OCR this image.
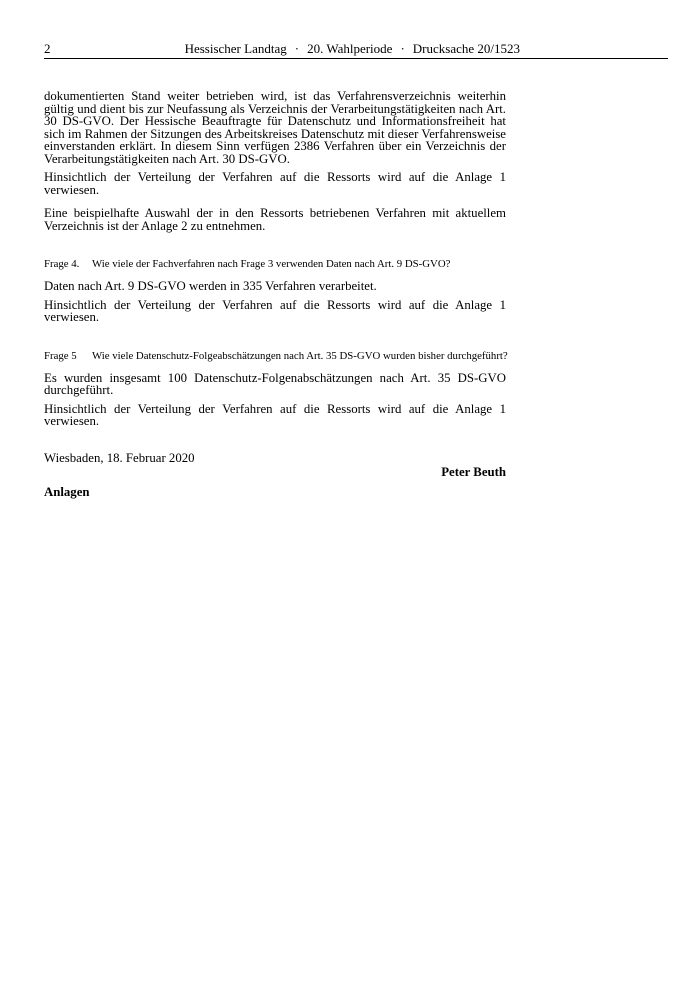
2	Hessischer Landtag · 20. Wahlperiode · Drucksache 20/1523

dokumentierten Stand weiter betrieben wird, ist das Verfahrensverzeichnis weiterhin gültig und dient bis zur Neufassung als Verzeichnis der Verarbeitungstätigkeiten nach Art. 30 DS-GVO. Der Hessische Beauftragte für Datenschutz und Informationsfreiheit hat sich im Rahmen der Sitzungen des Arbeitskreises Datenschutz mit dieser Verfahrensweise einverstanden erklärt. In diesem Sinn verfügen 2386 Verfahren über ein Verzeichnis der Verarbeitungstätigkeiten nach Art. 30 DS-GVO.

Hinsichtlich der Verteilung der Verfahren auf die Ressorts wird auf die Anlage 1 verwiesen.

Eine beispielhafte Auswahl der in den Ressorts betriebenen Verfahren mit aktuellem Verzeichnis ist der Anlage 2 zu entnehmen.

Frage 4. Wie viele der Fachverfahren nach Frage 3 verwenden Daten nach Art. 9 DS-GVO?

Daten nach Art. 9 DS-GVO werden in 335 Verfahren verarbeitet.

Hinsichtlich der Verteilung der Verfahren auf die Ressorts wird auf die Anlage 1 verwiesen.

Frage 5 Wie viele Datenschutz-Folgeabschätzungen nach Art. 35 DS-GVO wurden bisher durchgeführt?

Es wurden insgesamt 100 Datenschutz-Folgenabschätzungen nach Art. 35 DS-GVO durchgeführt.

Hinsichtlich der Verteilung der Verfahren auf die Ressorts wird auf die Anlage 1 verwiesen.

Wiesbaden, 18. Februar 2020
Peter Beuth
Anlagen
